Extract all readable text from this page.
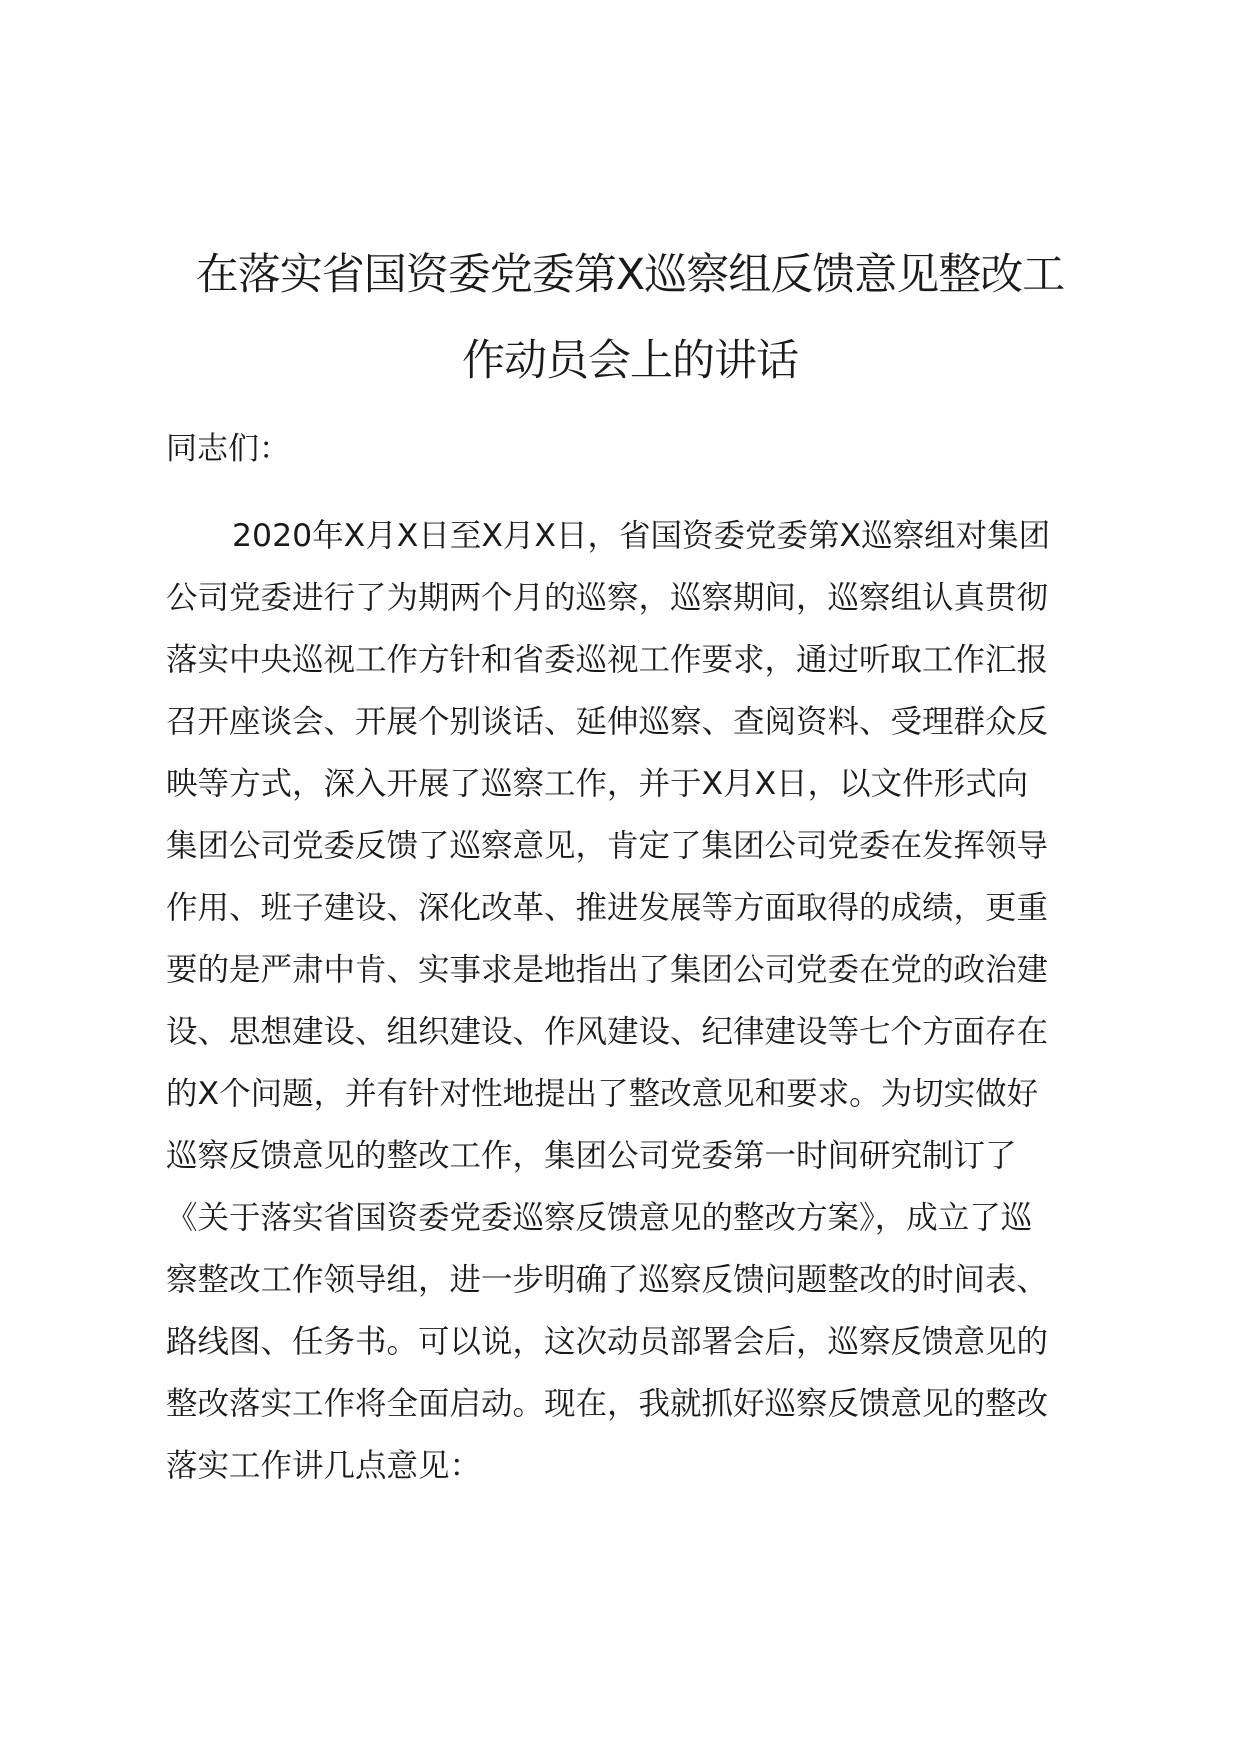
在落实省国资委党委第X巡察组反馈意见整改工
作动员会上的讲话
同志们：
2020年X月X日至X月X日，省国资委党委第X巡察组对集团
公司党委进行了为期两个月的巡察，巡察期间，巡察组认真贯彻
落实中央巡视工作方针和省委巡视工作要求，通过听取工作汇报
召开座谈会、开展个别谈话、延伸巡察、查阅资料、受理群众反
映等方式，深入开展了巡察工作，并于X月X日，以文件形式向
集团公司党委反馈了巡察意见，肯定了集团公司党委在发挥领导
作用、班子建设、深化改革、推进发展等方面取得的成绩，更重
要的是严肃中肯、实事求是地指出了集团公司党委在党的政治建
设、思想建设、组织建设、作风建设、纪律建设等七个方面存在
的X个问题，并有针对性地提出了整改意见和要求。为切实做好
巡察反馈意见的整改工作，集团公司党委第一时间研究制订了
《关于落实省国资委党委巡察反馈意见的整改方案》，成立了巡
察整改工作领导组，进一步明确了巡察反馈问题整改的时间表、
路线图、任务书。可以说，这次动员部署会后，巡察反馈意见的
整改落实工作将全面启动。现在，我就抓好巡察反馈意见的整改
落实工作讲几点意见：
